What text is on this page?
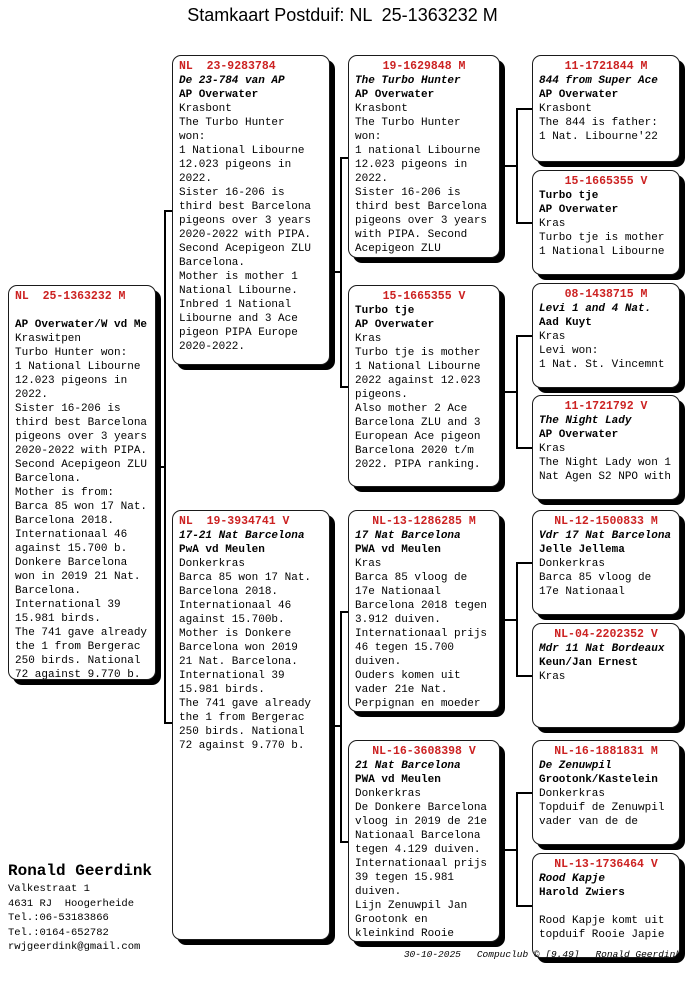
Stamkaart Postduif: NL  25-1363232 M
NL  25-1363232 M

AP Overwater/W vd Me
Kraswitpen
Turbo Hunter won:
1 National Libourne
12.023 pigeons in
2022.
Sister 16-206 is
third best Barcelona
pigeons over 3 years
2020-2022 with PIPA.
Second Acepigeon ZLU
Barcelona.
Mother is from:
Barca 85 won 17 Nat.
Barcelona 2018.
Internationaal 46
against 15.700 b.
Donkere Barcelona
won in 2019 21 Nat.
Barcelona.
International 39
15.981 birds.
The 741 gave already
the 1 from Bergerac
250 birds. National
72 against 9.770 b.
NL  23-9283784
De 23-784 van AP
AP Overwater
Krasbont
The Turbo Hunter
won:
1 National Libourne
12.023 pigeons in
2022.
Sister 16-206 is
third best Barcelona
pigeons over 3 years
2020-2022 with PIPA.
Second Acepigeon ZLU
Barcelona.
Mother is mother 1
National Libourne.
Inbred 1 National
Libourne and 3 Ace
pigeon PIPA Europe
2020-2022.
NL  19-3934741 V
17-21 Nat Barcelona
PwA vd Meulen
Donkerkras
Barca 85 won 17 Nat.
Barcelona 2018.
Internationaal 46
against 15.700b.
Mother is Donkere
Barcelona won 2019
21 Nat. Barcelona.
International 39
15.981 birds.
The 741 gave already
the 1 from Bergerac
250 birds. National
72 against 9.770 b.
19-1629848 M
The Turbo Hunter
AP Overwater
Krasbont
The Turbo Hunter
won:
1 national Libourne
12.023 pigeons in
2022.
Sister 16-206 is
third best Barcelona
pigeons over 3 years
with PIPA. Second
Acepigeon ZLU
15-1665355 V
Turbo tje
AP Overwater
Kras
Turbo tje is mother
1 National Libourne
2022 against 12.023
pigeons.
Also mother 2 Ace
Barcelona ZLU and 3
European Ace pigeon
Barcelona 2020 t/m
2022. PIPA ranking.
NL-13-1286285 M
17 Nat Barcelona
PWA vd Meulen
Kras
Barca 85 vloog de
17e Nationaal
Barcelona 2018 tegen
3.912 duiven.
Internationaal prijs
46 tegen 15.700
duiven.
Ouders komen uit
vader 21e Nat.
Perpignan en moeder
NL-16-3608398 V
21 Nat Barcelona
PWA vd Meulen
Donkerkras
De Donkere Barcelona
vloog in 2019 de 21e
Nationaal Barcelona
tegen 4.129 duiven.
Internationaal prijs
39 tegen 15.981
duiven.
Lijn Zenuwpil Jan
Grootonk en
kleinkind Rooie
11-1721844 M
844 from Super Ace
AP Overwater
Krasbont
The 844 is father:
1 Nat. Libourne'22
15-1665355 V
Turbo tje
AP Overwater
Kras
Turbo tje is mother
1 National Libourne
08-1438715 M
Levi 1 and 4 Nat.
Aad Kuyt
Kras
Levi won:
1 Nat. St. Vincemnt
11-1721792 V
The Night Lady
AP Overwater
Kras
The Night Lady won 1
Nat Agen S2 NPO with
NL-12-1500833 M
Vdr 17 Nat Barcelona
Jelle Jellema
Donkerkras
Barca 85 vloog de
17e Nationaal
NL-04-2202352 V
Mdr 11 Nat Bordeaux
Keun/Jan Ernest
Kras
NL-16-1881831 M
De Zenuwpil
Grootonk/Kastelein
Donkerkras
Topduif de Zenuwpil
vader van de de
NL-13-1736464 V
Rood Kapje
Harold Zwiers

Rood Kapje komt uit
topduif Rooie Japie
Ronald Geerdink
Valkestraat 1
4631 RJ  Hoogerheide
Tel.:06-53183866
Tel.:0164-652782
rwjgeerdink@gmail.com
30-10-2025 Compuclub © [9.49] Ronald Geerdink
